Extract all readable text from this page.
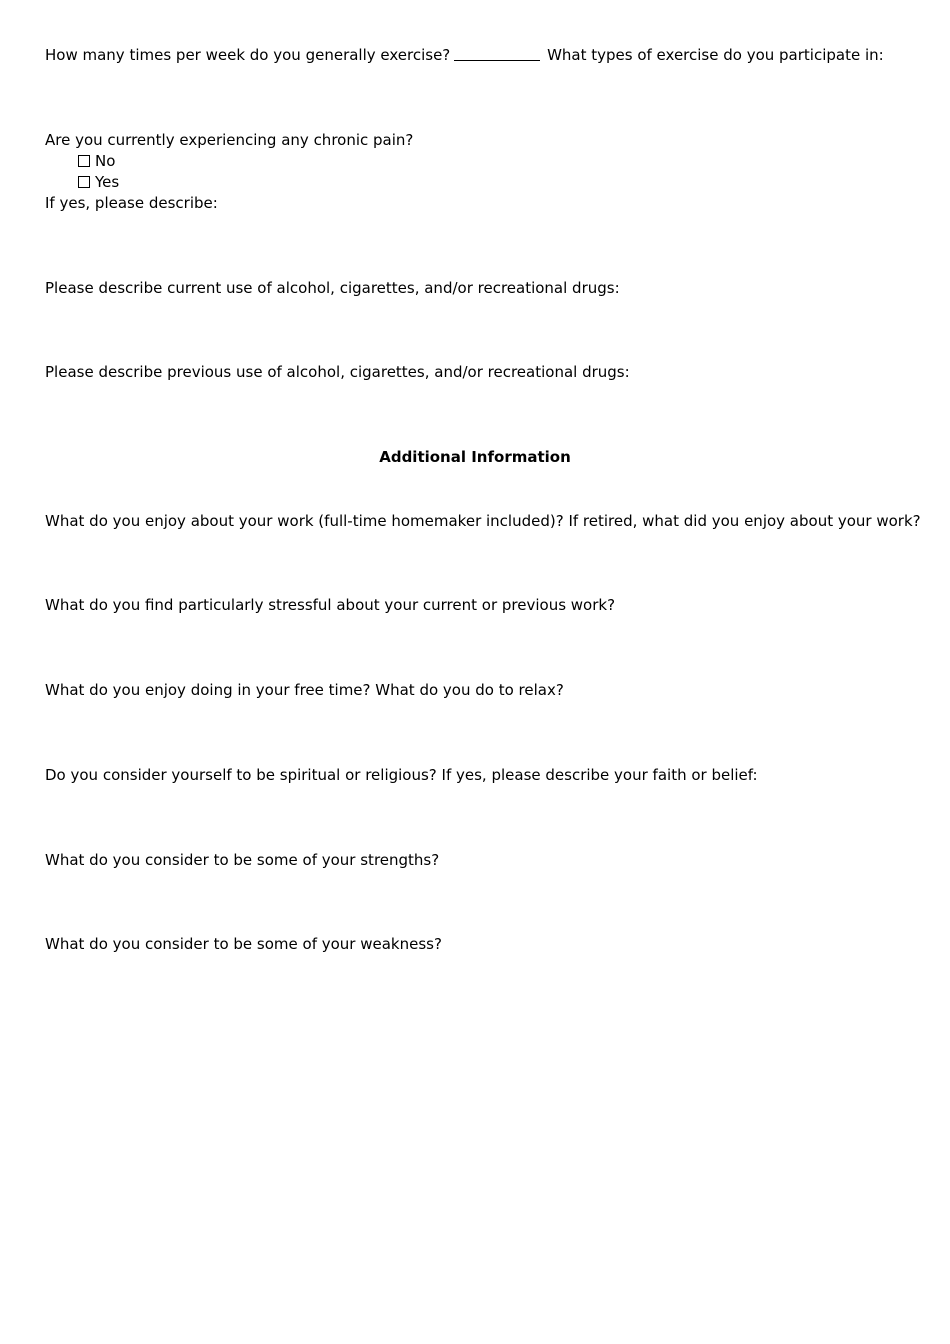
How many times per week do you generally exercise?	What types of exercise do you participate in:
Are you currently experiencing any chronic pain?
No
Yes
If yes, please describe:
Please describe current use of alcohol, cigarettes, and/or recreational drugs:
Please describe previous use of alcohol, cigarettes, and/or recreational drugs:
Additional Information
What do you enjoy about your work (full-time homemaker included)? If retired, what did you enjoy about your work?
What do you find particularly stressful about your current or previous work?
What do you enjoy doing in your free time? What do you do to relax?
Do you consider yourself to be spiritual or religious? If yes, please describe your faith or belief:
What do you consider to be some of your strengths?
What do you consider to be some of your weakness?
